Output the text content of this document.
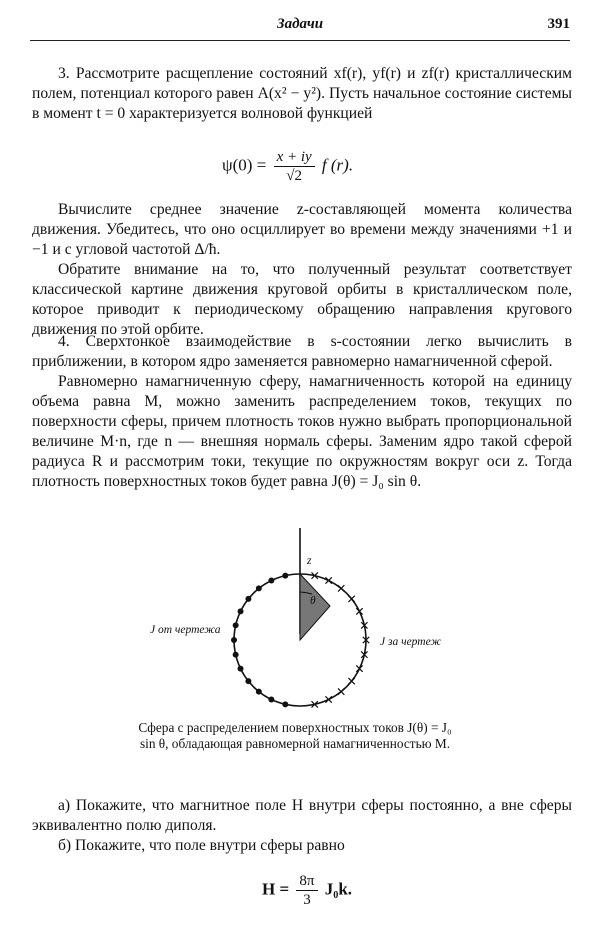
Задачи	391

3. Рассмотрите расщепление состояний xf(r), yf(r) и zf(r) кристаллическим полем, потенциал которого равен A(x² − y²). Пусть начальное состояние системы в момент t = 0 характеризуется волновой функцией

$\psi(0) = \frac{x + iy}{√2}$ f (r).

Вычислите среднее значение z-составляющей момента количества движения. Убедитесь, что оно осциллирует во времени между значениями +1 и −1 и с угловой частотой Δ/ħ.

Обратите внимание на то, что полученный результат соответствует классической картине движения круговой орбиты в кристаллическом поле, которое приводит к периодическому обращению направления кругового движения по этой орбите.

4. Сверхтонкое взаимодействие в s-состоянии легко вычислить в приближении, в котором ядро заменяется равномерно намагниченной сферой.

Равномерно намагниченную сферу, намагниченность которой на единицу объема равна M, можно заменить распределением токов, текущих по поверхности сферы, причем плотность токов нужно выбрать пропорциональной величине M·n, где n — внешняя нормаль сферы. Заменим ядро такой сферой радиуса R и рассмотрим токи, текущие по окружностям вокруг оси z. Тогда плотность поверхностных токов будет равна J(θ) = J₀ sin θ.

z
θ
J от чертежа
J за чертеж
Сфера с распределением поверхностных токов J(θ) = J₀ sin θ, обладающая равномерной намагниченностью M.

а) Покажите, что магнитное поле H внутри сферы постоянно, а вне сферы эквивалентно полю диполя.

б) Покажите, что поле внутри сферы равно

$H = \frac{8\pi}{3} J_0k$.
